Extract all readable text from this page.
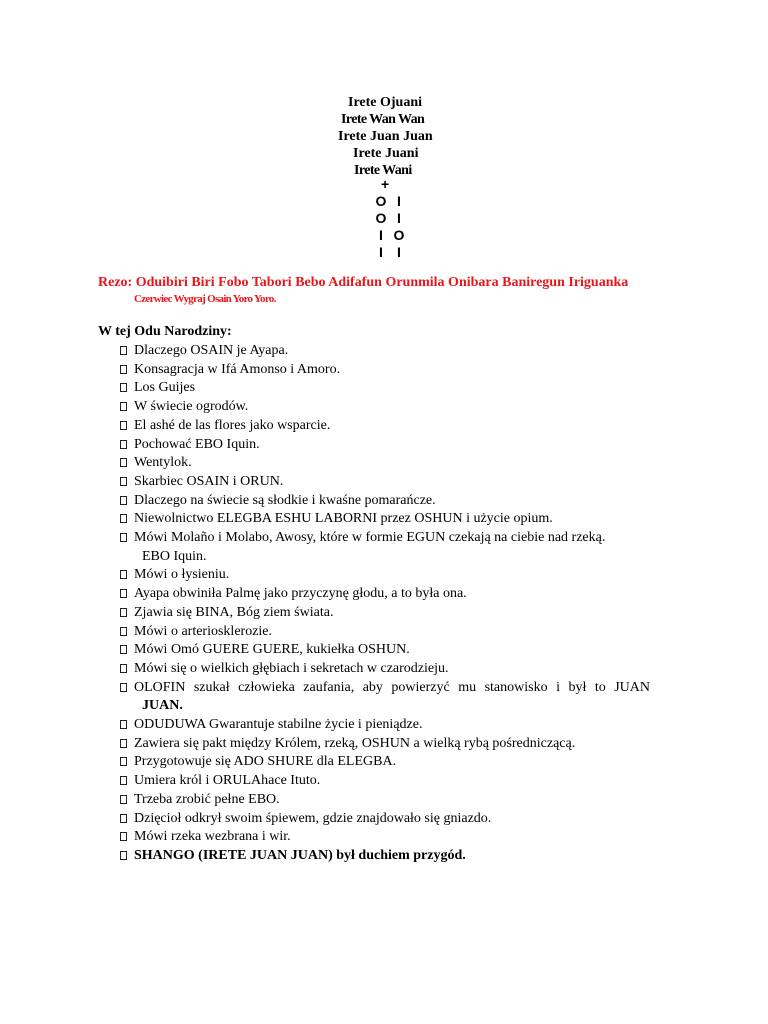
Irete Ojuani
Irete Wan Wan
Irete Juan Juan
Irete Juani
Irete Wani
+
O I
O I
I O
I I
Rezo: Oduibiri Biri Fobo Tabori Bebo Adifafun Orunmila Onibara Baniregun Iriguanka
Czerwiec Wygraj Osain Yoro Yoro.
W tej Odu Narodziny:
Dlaczego OSAIN je Ayapa.
Konsagracja w Ifá Amonso i Amoro.
Los Guijes
W świecie ogrodów.
El ashé de las flores jako wsparcie.
Pochować EBO Iquin.
Wentylok.
Skarbiec OSAIN i ORUN.
Dlaczego na świecie są słodkie i kwaśne pomarańcze.
Niewolnictwo ELEGBA ESHU LABORNI przez OSHUN i użycie opium.
Mówi Molaño i Molabo, Awosy, które w formie EGUN czekają na ciebie nad rzeką.
EBO Iquin.
Mówi o łysieniu.
Ayapa obwiniła Palmę jako przyczynę głodu, a to była ona.
Zjawia się BINA, Bóg ziem świata.
Mówi o arteriosklerozie.
Mówi Omó GUERE GUERE, kukiełka OSHUN.
Mówi się o wielkich głębiach i sekretach w czarodzieju.
OLOFIN szukał człowieka zaufania, aby powierzyć mu stanowisko i był to JUAN
JUAN.
ODUDUWA Gwarantuje stabilne życie i pieniądze.
Zawiera się pakt między Królem, rzeką, OSHUN a wielką rybą pośredniczącą.
Przygotowuje się ADO SHURE dla ELEGBA.
Umiera król i ORULAhace Ituto.
Trzeba zrobić pełne EBO.
Dzięcioł odkrył swoim śpiewem, gdzie znajdowało się gniazdo.
Mówi rzeka wezbrana i wir.
SHANGO (IRETE JUAN JUAN) był duchiem przygód.
